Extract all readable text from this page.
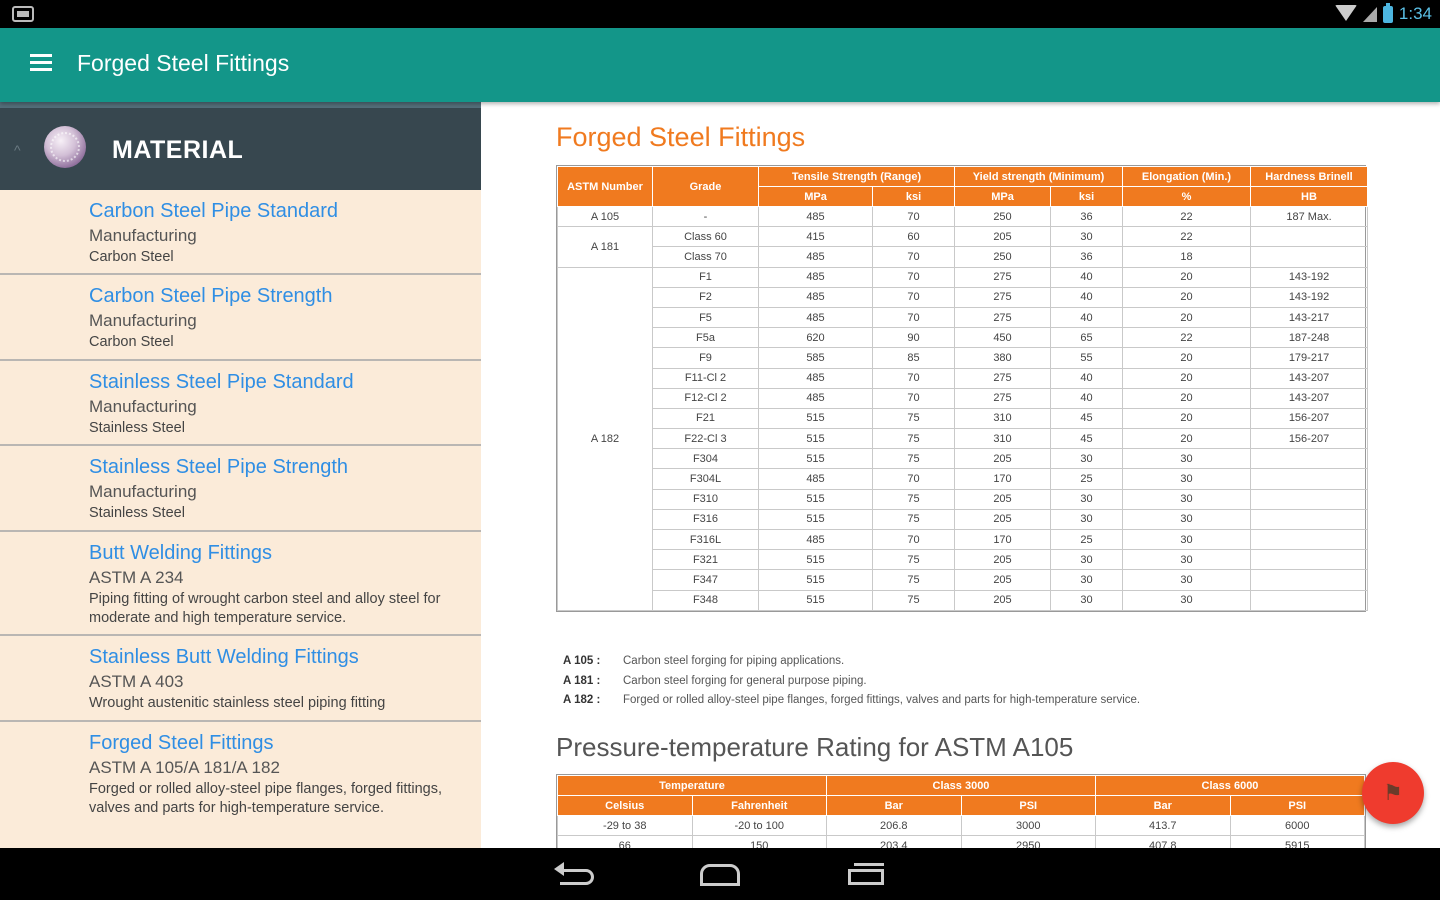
1:34
Forged Steel Fittings
^	MATERIAL
Carbon Steel Pipe Standard
Manufacturing
Carbon Steel
Carbon Steel Pipe Strength
Manufacturing
Carbon Steel
Stainless Steel Pipe Standard
Manufacturing
Stainless Steel
Stainless Steel Pipe Strength
Manufacturing
Stainless Steel
Butt Welding Fittings
ASTM A 234
Piping fitting of wrought carbon steel and alloy steel for moderate and high temperature service.
Stainless Butt Welding Fittings
ASTM A 403
Wrought austenitic stainless steel piping fitting
Forged Steel Fittings
ASTM A 105/A 181/A 182
Forged or rolled alloy-steel pipe flanges, forged fittings, valves and parts for high-temperature service.
Forged Steel Fittings
ASTM Number	Grade	Tensile Strength (Range)		Yield strength (Minimum)		Elongation (Min.)	Hardness Brinell
		MPa	ksi	MPa	ksi	%	HB
A 105	-	485	70	250	36	22	187 Max.
A 181	Class 60	415	60	205	30	22	
	Class 70	485	70	250	36	18	
A 182	F1	485	70	275	40	20	143-192
	F2	485	70	275	40	20	143-192
	F5	485	70	275	40	20	143-217
	F5a	620	90	450	65	22	187-248
	F9	585	85	380	55	20	179-217
	F11-Cl 2	485	70	275	40	20	143-207
	F12-Cl 2	485	70	275	40	20	143-207
	F21	515	75	310	45	20	156-207
	F22-Cl 3	515	75	310	45	20	156-207
	F304	515	75	205	30	30	
	F304L	485	70	170	25	30	
	F310	515	75	205	30	30	
	F316	515	75	205	30	30	
	F316L	485	70	170	25	30	
	F321	515	75	205	30	30	
	F347	515	75	205	30	30	
	F348	515	75	205	30	30	
A 105 : Carbon steel forging for piping applications.
A 181 : Carbon steel forging for general purpose piping.
A 182 : Forged or rolled alloy-steel pipe flanges, forged fittings, valves and parts for high-temperature service.
Pressure-temperature Rating for ASTM A105
Temperature		Class 3000		Class 6000	
Celsius	Fahrenheit	Bar	PSI	Bar	PSI
-29 to 38	-20 to 100	206.8	3000	413.7	6000
66	150	203.4	2950	407.8	5915
⚑
